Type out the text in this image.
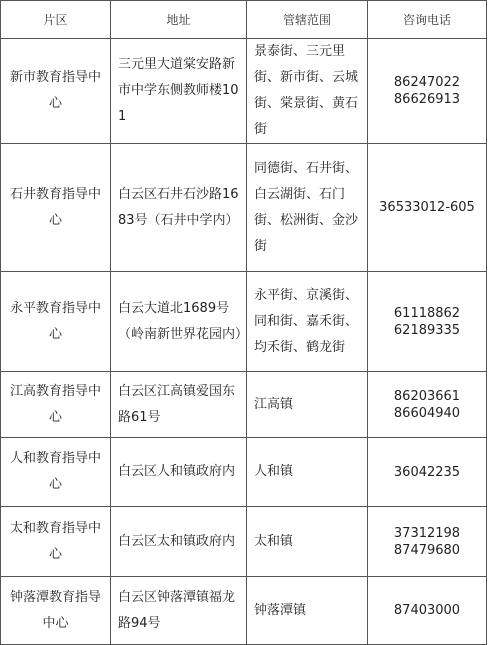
片区	地址	管辖范围	咨询电话
新市教育指导中心	三元里大道棠安路新市中学东侧教师楼101	景泰街、三元里街、新市街、云城街、棠景街、黄石街	86247022
86626913

石井教育指导中心	白云区石井石沙路1683号（石井中学内）	同德街、石井街、白云湖街、石门街、松洲街、金沙街	36533012-605

永平教育指导中心	白云大道北1689号（岭南新世界花园内）	永平街、京溪街、同和街、嘉禾街、均禾街、鹤龙街	61118862
62189335

江高教育指导中心	白云区江高镇爱国东路61号	江高镇	86203661
86604940

人和教育指导中心	白云区人和镇政府内	人和镇	36042235

太和教育指导中心	白云区太和镇政府内	太和镇	37312198
87479680

钟落潭教育指导中心	白云区钟落潭镇福龙路94号	钟落潭镇	87403000
